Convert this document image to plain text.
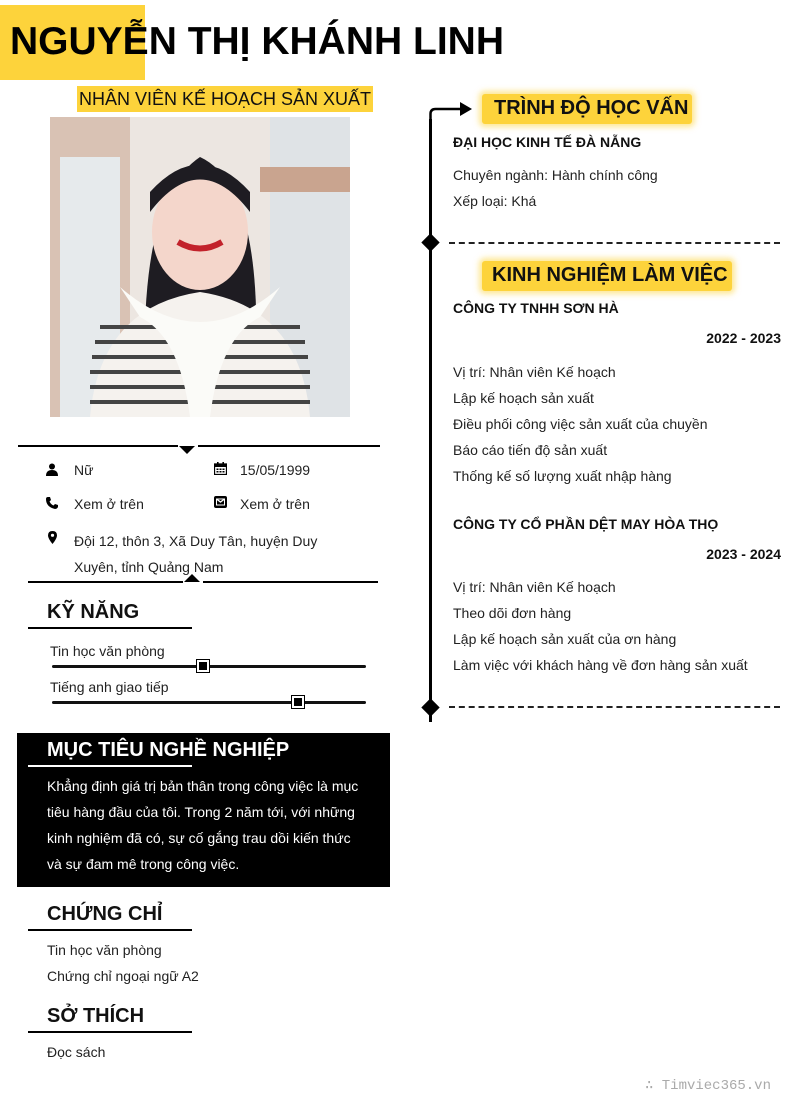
NGUYỄN THỊ KHÁNH LINH
NHÂN VIÊN KẾ HOẠCH SẢN XUẤT
Nữ	15/05/1999
Xem ở trên	Xem ở trên
Đội 12, thôn 3, Xã Duy Tân, huyện Duy Xuyên, tỉnh Quảng Nam
KỸ NĂNG
Tin học văn phòng
Tiếng anh giao tiếp
MỤC TIÊU NGHỀ NGHIỆP
Khẳng định giá trị bản thân trong công việc là mục tiêu hàng đầu của tôi. Trong 2 năm tới, với những kinh nghiệm đã có, sự cố gắng trau dồi kiến thức và sự đam mê trong công việc.
CHỨNG CHỈ
Tin học văn phòng
Chứng chỉ ngoại ngữ A2
SỞ THÍCH
Đọc sách
TRÌNH ĐỘ HỌC VẤN
ĐẠI HỌC KINH TẾ ĐÀ NẴNG
Chuyên ngành: Hành chính công
Xếp loại: Khá
KINH NGHIỆM LÀM VIỆC
CÔNG TY TNHH SƠN HÀ
2022 - 2023
Vị trí: Nhân viên Kế hoạch
Lập kế hoạch sản xuất
Điều phối công việc sản xuất của chuyền
Báo cáo tiến độ sản xuất
Thống kế số lượng xuất nhập hàng
CÔNG TY CỔ PHẦN DỆT MAY HÒA THỌ
2023 - 2024
Vị trí: Nhân viên Kế hoạch
Theo dõi đơn hàng
Lập kế hoạch sản xuất của ơn hàng
Làm việc với khách hàng về đơn hàng sản xuất
∴ Timviec365.vn
